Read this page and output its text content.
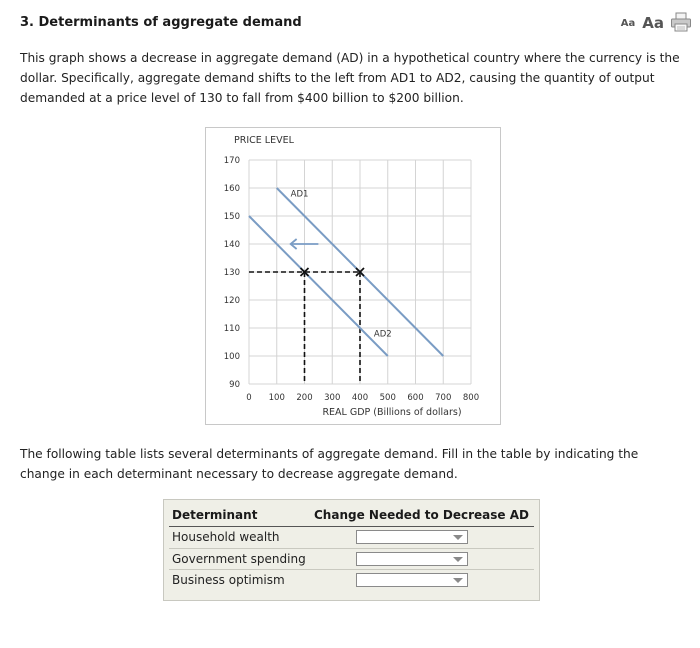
3. Determinants of aggregate demand	Aa Aa

This graph shows a decrease in aggregate demand (AD) in a hypothetical country where the currency is the dollar. Specifically, aggregate demand shifts to the left from AD1 to AD2, causing the quantity of output demanded at a price level of 130 to fall from $400 billion to $200 billion.

PRICE LEVEL
90
100
110
120
130
140
150
160
170
0 100 200 300 400 500 600 700 800
REAL GDP (Billions of dollars)
AD1
AD2

The following table lists several determinants of aggregate demand. Fill in the table by indicating the change in each determinant necessary to decrease aggregate demand.

Determinant	Change Needed to Decrease AD
Household wealth
Government spending
Business optimism
